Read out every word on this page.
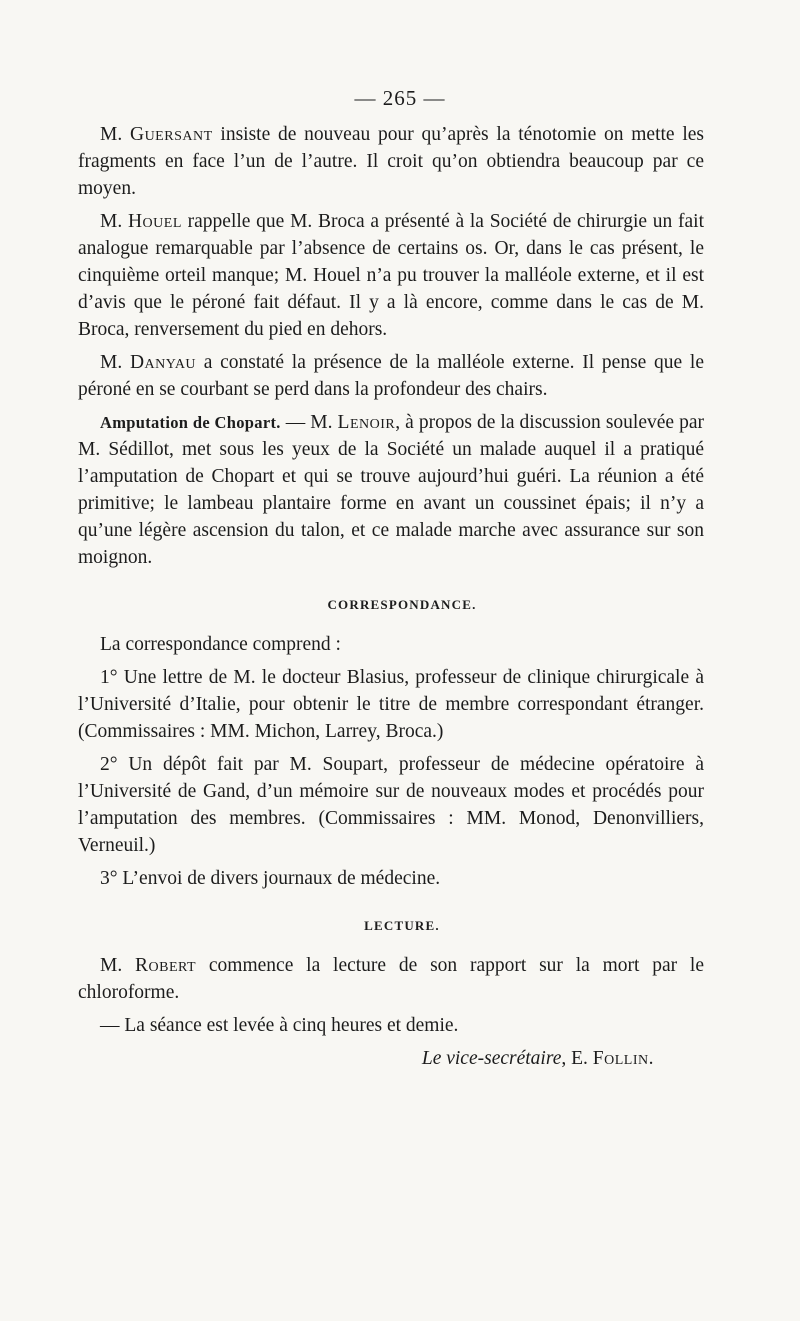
— 265 —

M. Guersant insiste de nouveau pour qu’après la ténotomie on mette les fragments en face l’un de l’autre. Il croit qu’on obtiendra beaucoup par ce moyen.

M. Houel rappelle que M. Broca a présenté à la Société de chirurgie un fait analogue remarquable par l’absence de certains os. Or, dans le cas présent, le cinquième orteil manque; M. Houel n’a pu trouver la malléole externe, et il est d’avis que le péroné fait défaut. Il y a là encore, comme dans le cas de M. Broca, renversement du pied en dehors.

M. Danyau a constaté la présence de la malléole externe. Il pense que le péroné en se courbant se perd dans la profondeur des chairs.

Amputation de Chopart. — M. Lenoir, à propos de la discussion soulevée par M. Sédillot, met sous les yeux de la Société un malade auquel il a pratiqué l’amputation de Chopart et qui se trouve aujourd’hui guéri. La réunion a été primitive; le lambeau plantaire forme en avant un coussinet épais; il n’y a qu’une légère ascension du talon, et ce malade marche avec assurance sur son moignon.

CORRESPONDANCE.

La correspondance comprend :

1° Une lettre de M. le docteur Blasius, professeur de clinique chirurgicale à l’Université d’Italie, pour obtenir le titre de membre correspondant étranger. (Commissaires : MM. Michon, Larrey, Broca.)

2° Un dépôt fait par M. Soupart, professeur de médecine opératoire à l’Université de Gand, d’un mémoire sur de nouveaux modes et procédés pour l’amputation des membres. (Commissaires : MM. Monod, Denonvilliers, Verneuil.)

3° L’envoi de divers journaux de médecine.

LECTURE.

M. Robert commence la lecture de son rapport sur la mort par le chloroforme.

— La séance est levée à cinq heures et demie.

Le vice-secrétaire, E. Follin.
